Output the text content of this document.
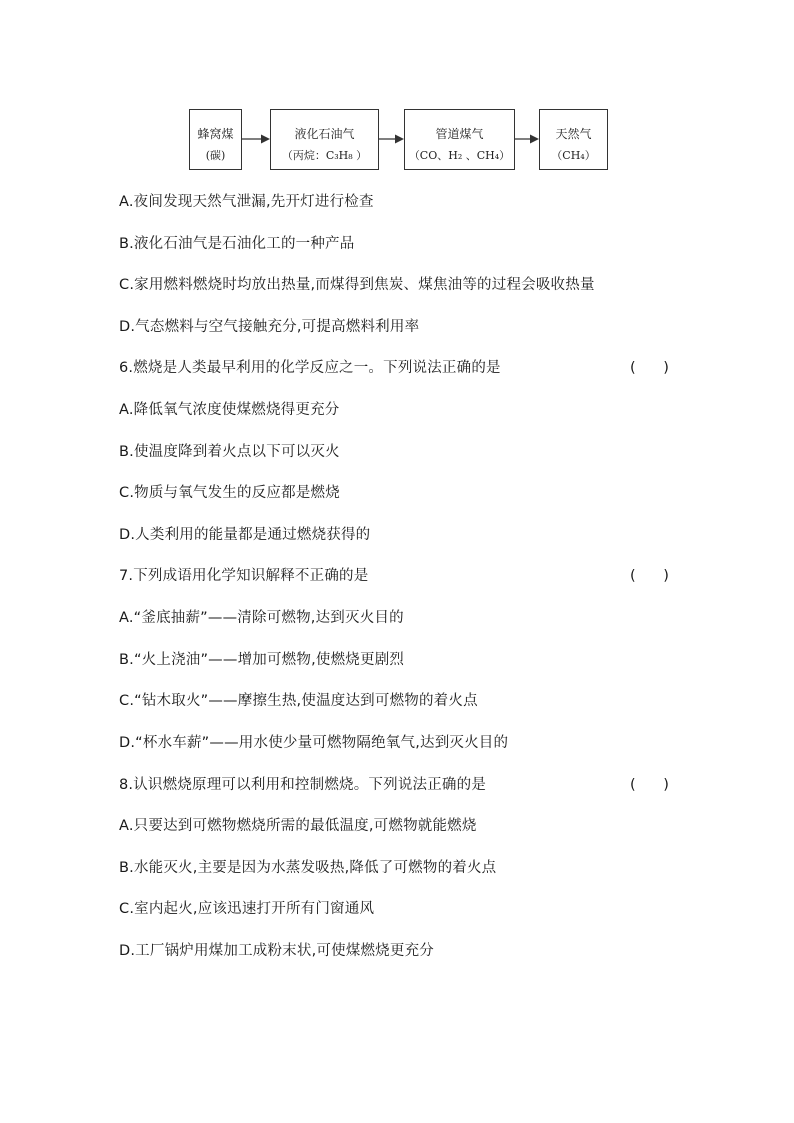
蜂窝煤
(碳)
液化石油气
（丙烷：C₃H₈ ）
管道煤气
（CO、H₂ 、CH₄）
天然气
（CH₄）
A.夜间发现天然气泄漏,先开灯进行检查
B.液化石油气是石油化工的一种产品
C.家用燃料燃烧时均放出热量,而煤得到焦炭、煤焦油等的过程会吸收热量
D.气态燃料与空气接触充分,可提高燃料利用率
6.燃烧是人类最早利用的化学反应之一。下列说法正确的是	(      )
A.降低氧气浓度使煤燃烧得更充分
B.使温度降到着火点以下可以灭火
C.物质与氧气发生的反应都是燃烧
D.人类利用的能量都是通过燃烧获得的
7.下列成语用化学知识解释不正确的是	(      )
A.“釜底抽薪”——清除可燃物,达到灭火目的
B.“火上浇油”——增加可燃物,使燃烧更剧烈
C.“钻木取火”——摩擦生热,使温度达到可燃物的着火点
D.“杯水车薪”——用水使少量可燃物隔绝氧气,达到灭火目的
8.认识燃烧原理可以利用和控制燃烧。下列说法正确的是	(      )
A.只要达到可燃物燃烧所需的最低温度,可燃物就能燃烧
B.水能灭火,主要是因为水蒸发吸热,降低了可燃物的着火点
C.室内起火,应该迅速打开所有门窗通风
D.工厂锅炉用煤加工成粉末状,可使煤燃烧更充分
